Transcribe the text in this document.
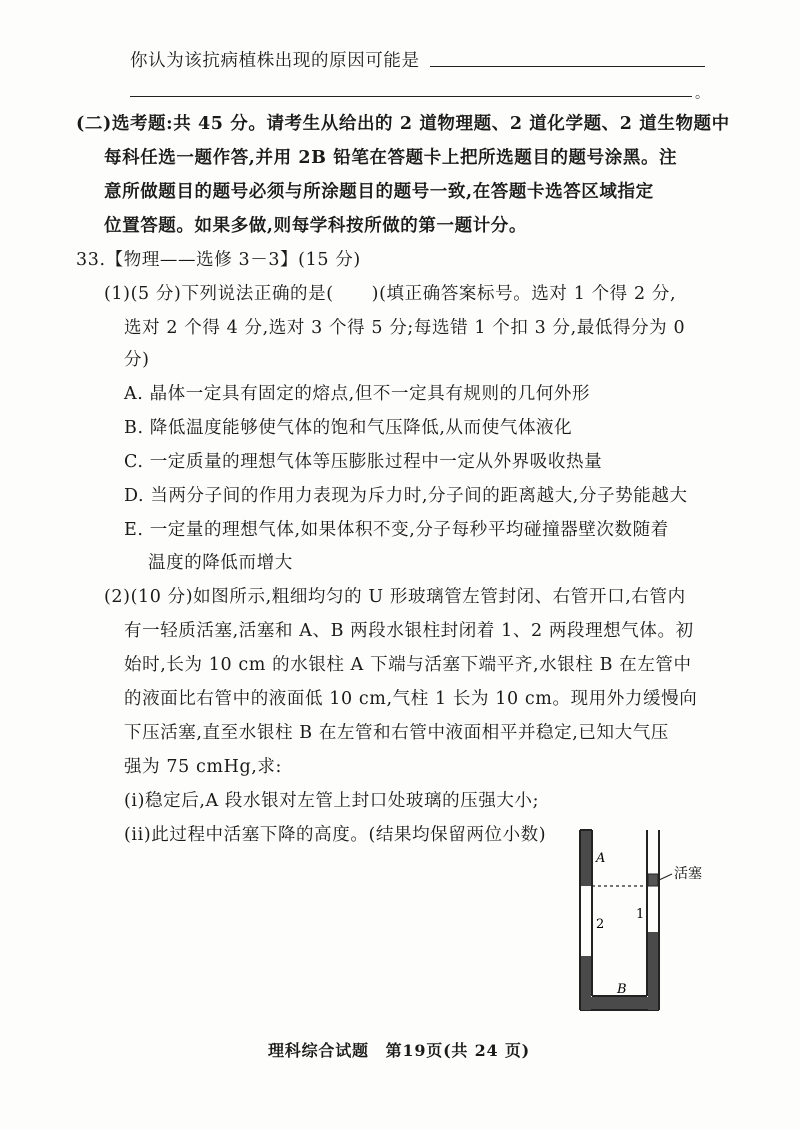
你认为该抗病植株出现的原因可能是
。
(二)选考题:共 45 分。请考生从给出的 2 道物理题、2 道化学题、2 道生物题中
每科任选一题作答,并用 2B 铅笔在答题卡上把所选题目的题号涂黑。注
意所做题目的题号必须与所涂题目的题号一致,在答题卡选答区域指定
位置答题。如果多做,则每学科按所做的第一题计分。
33.【物理——选修 3－3】(15 分)
(1)(5 分)下列说法正确的是( )(填正确答案标号。选对 1 个得 2 分,
选对 2 个得 4 分,选对 3 个得 5 分;每选错 1 个扣 3 分,最低得分为 0
分)
A. 晶体一定具有固定的熔点,但不一定具有规则的几何外形
B. 降低温度能够使气体的饱和气压降低,从而使气体液化
C. 一定质量的理想气体等压膨胀过程中一定从外界吸收热量
D. 当两分子间的作用力表现为斥力时,分子间的距离越大,分子势能越大
E. 一定量的理想气体,如果体积不变,分子每秒平均碰撞器壁次数随着
温度的降低而增大
(2)(10 分)如图所示,粗细均匀的 U 形玻璃管左管封闭、右管开口,右管内
有一轻质活塞,活塞和 A、B 两段水银柱封闭着 1、2 两段理想气体。初
始时,长为 10 cm 的水银柱 A 下端与活塞下端平齐,水银柱 B 在左管中
的液面比右管中的液面低 10 cm,气柱 1 长为 10 cm。现用外力缓慢向
下压活塞,直至水银柱 B 在左管和右管中液面相平并稳定,已知大气压
强为 75 cmHg,求:
(i)稳定后,A 段水银对左管上封口处玻璃的压强大小;
(ii)此过程中活塞下降的高度。(结果均保留两位小数)
A
2
1
B
活塞
理科综合试题　第19页(共 24 页)
